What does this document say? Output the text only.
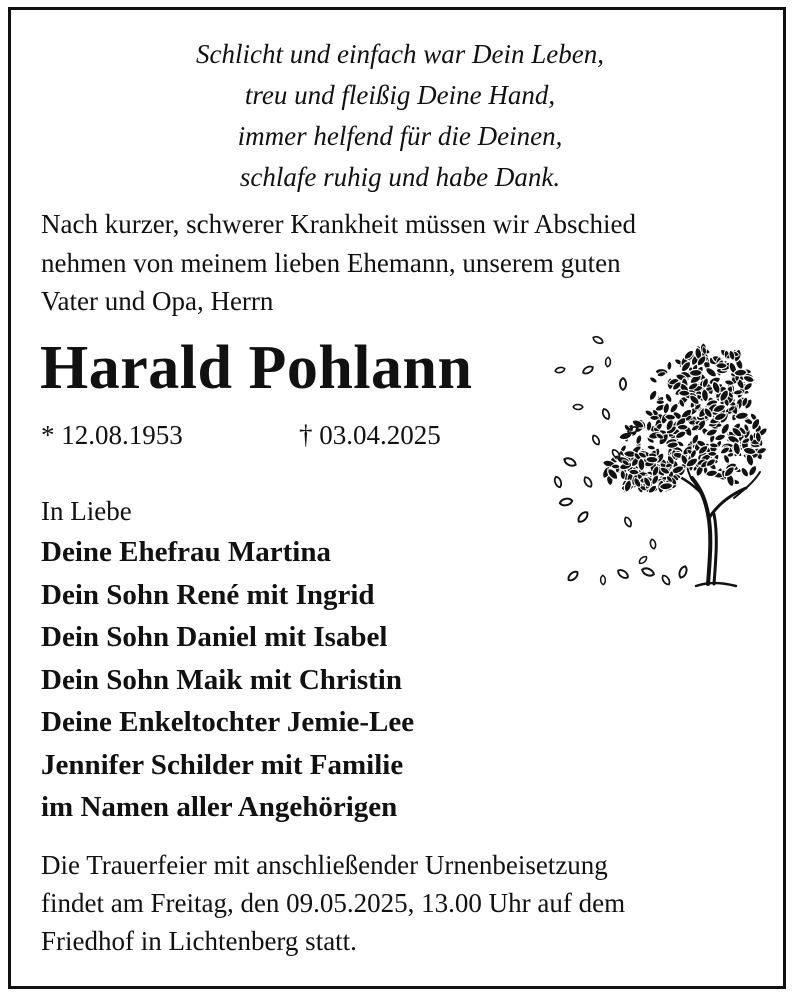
Schlicht und einfach war Dein Leben,
treu und fleißig Deine Hand,
immer helfend für die Deinen,
schlafe ruhig und habe Dank.
Nach kurzer, schwerer Krankheit müssen wir Abschied
nehmen von meinem lieben Ehemann, unserem guten
Vater und Opa, Herrn
Harald Pohlann
* 12.08.1953	† 03.04.2025
In Liebe
Deine Ehefrau Martina
Dein Sohn René mit Ingrid
Dein Sohn Daniel mit Isabel
Dein Sohn Maik mit Christin
Deine Enkeltochter Jemie-Lee
Jennifer Schilder mit Familie
im Namen aller Angehörigen
Die Trauerfeier mit anschließender Urnenbeisetzung
findet am Freitag, den 09.05.2025, 13.00 Uhr auf dem
Friedhof in Lichtenberg statt.
